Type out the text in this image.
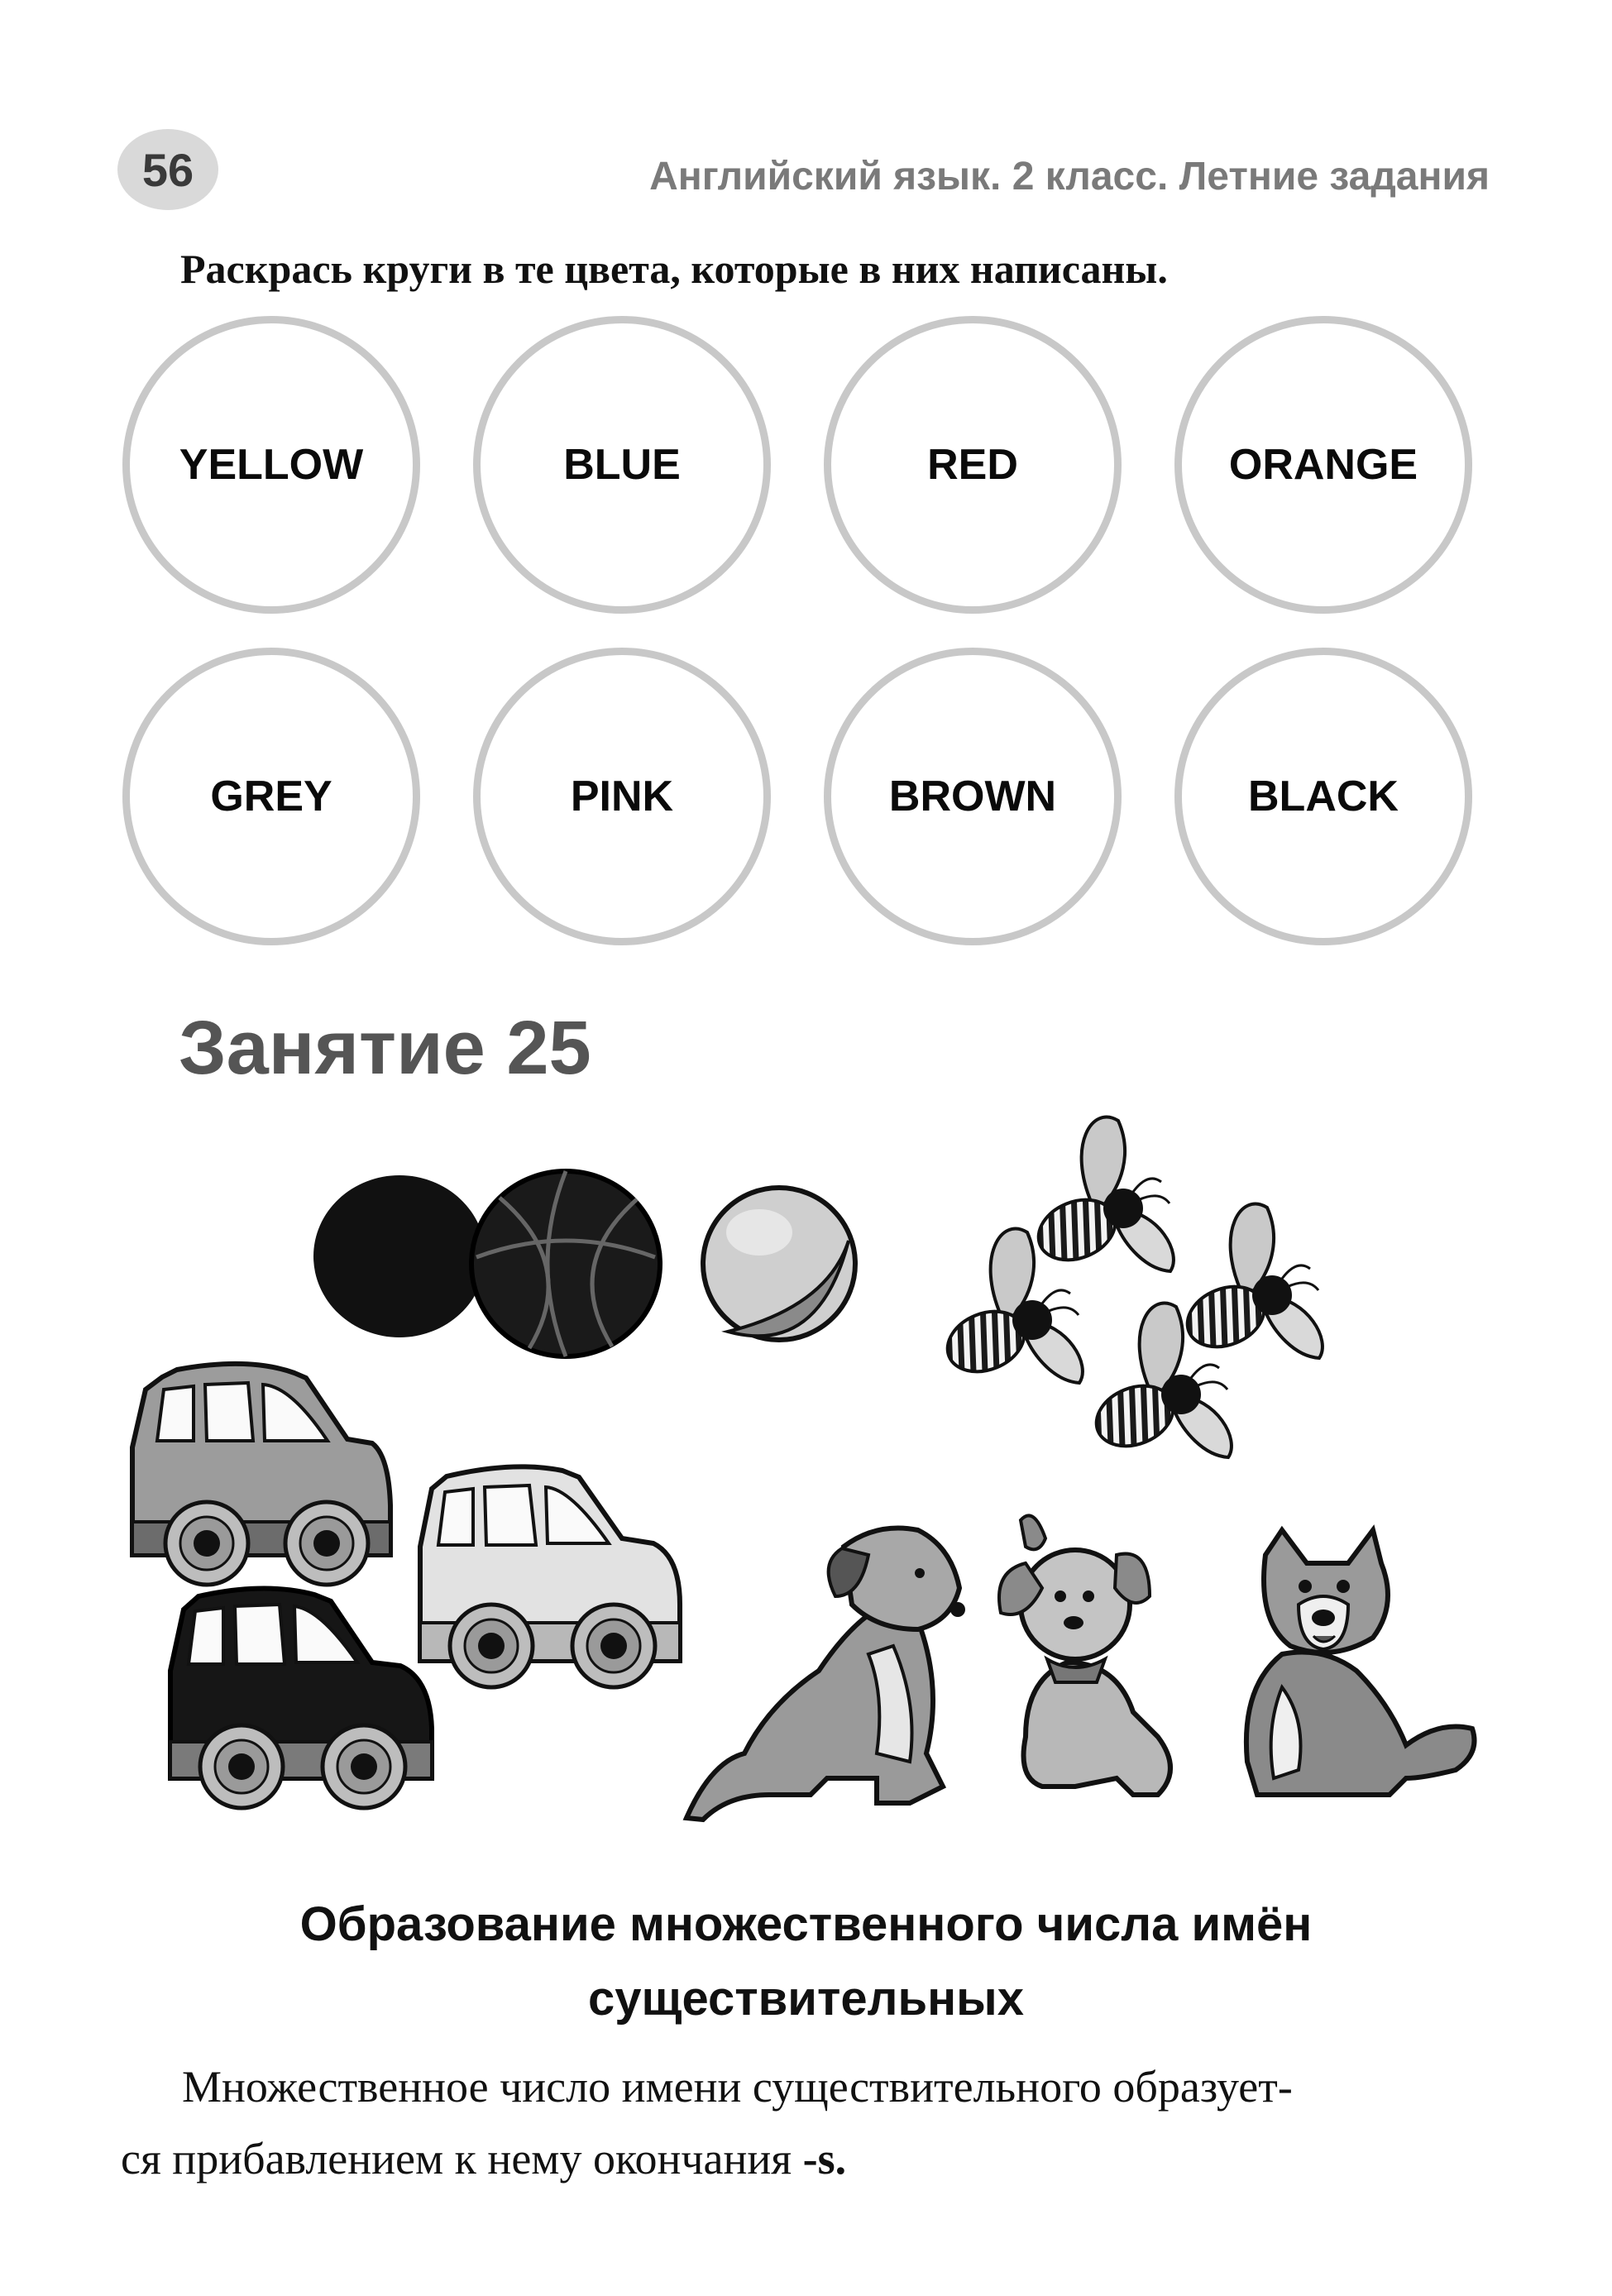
56	Английский язык. 2 класс. Летние задания
Раскрась круги в те цвета, которые в них написаны.
YELLOW	BLUE	RED	ORANGE
GREY	PINK	BROWN	BLACK
Занятие 25
Образование множественного числа имён
существительных
Множественное число имени существительного образует-
ся прибавлением к нему окончания -s.
